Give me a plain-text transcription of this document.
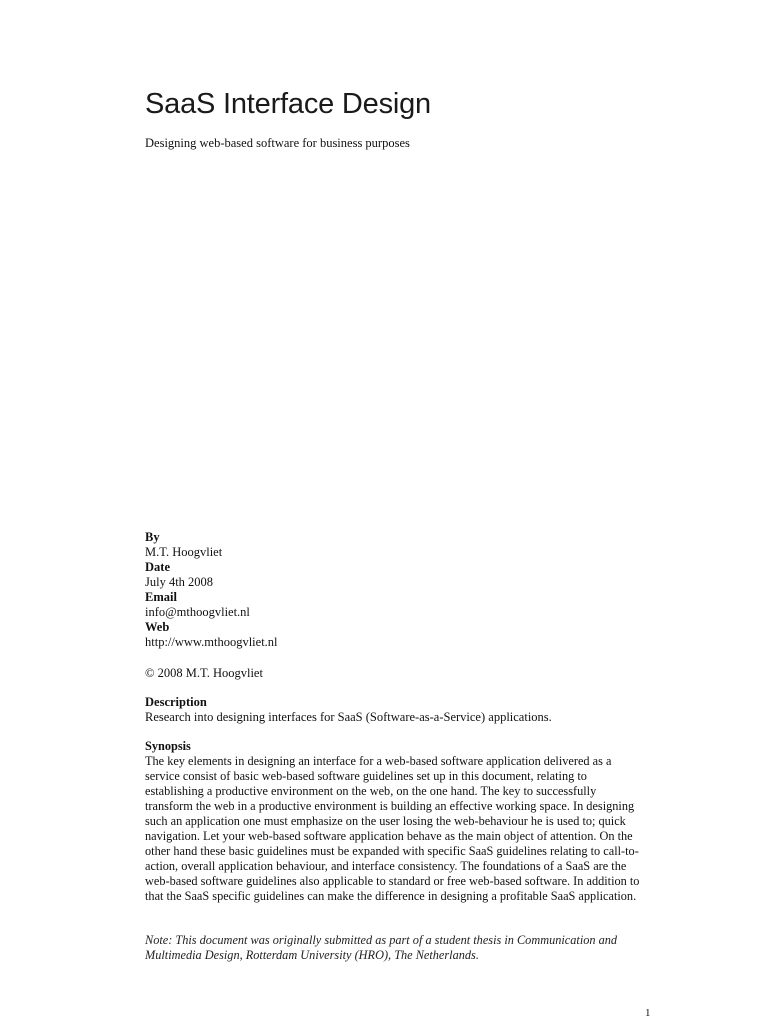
SaaS Interface Design

Designing web-based software for business purposes

By
M.T. Hoogvliet
Date
July 4th 2008
Email
info@mthoogvliet.nl
Web
http://www.mthoogvliet.nl
© 2008 M.T. Hoogvliet
Description
Research into designing interfaces for SaaS (Software-as-a-Service) applications.
Synopsis
The key elements in designing an interface for a web-based software application delivered as a service consist of basic web-based software guidelines set up in this document, relating to establishing a productive environment on the web, on the one hand. The key to successfully transform the web in a productive environment is building an effective working space. In designing such an application one must emphasize on the user losing the web-behaviour he is used to; quick navigation. Let your web-based software application behave as the main object of attention. On the other hand these basic guidelines must be expanded with specific SaaS guidelines relating to call-to-action, overall application behaviour, and interface consistency. The foundations of a SaaS are the web-based software guidelines also applicable to standard or free web-based software. In addition to that the SaaS specific guidelines can make the difference in designing a profitable SaaS application.
Note: This document was originally submitted as part of a student thesis in Communication and Multimedia Design, Rotterdam University (HRO), The Netherlands.
1
